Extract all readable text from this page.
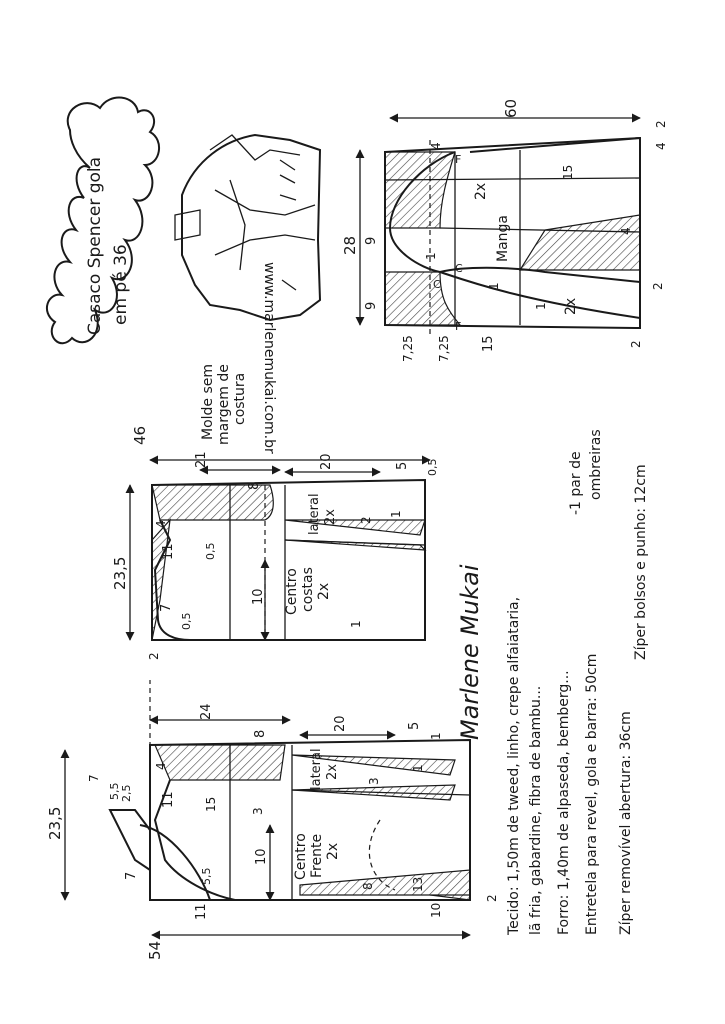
Casaco Spencer gola em pé 36
Molde sem margem de costura www.marlenemukai.com.br
Manga
2x
2x
60
28 9
9
7,25 7,25 15
4
15
4
2
4
2
2
1
1
1
C
C
F
F
Centro costas 2x
lateral 2x
46
21
8
20	5 0,5
23,5
7
0,5
11
4
0,5
10
1
1
2
2
Centro Frente 2x
lateral 2x
54
24
8
20	5
1
23,5
11
4
15	3
3
10
7
7
5,5 2,5
5,5
11
8	13
10
2
1
Marlene Mukai Tecido: 1,50m de tweed, linho, crepe alfaiataria, lã fria, gabardine, fibra de bambu... Forro: 1,40m de alpaseda, bemberg... Entretela para revel, gola e barra: 50cm Zíper removível abertura: 36cm
Zíper bolsos e punho: 12cm
-1 par de ombreiras
